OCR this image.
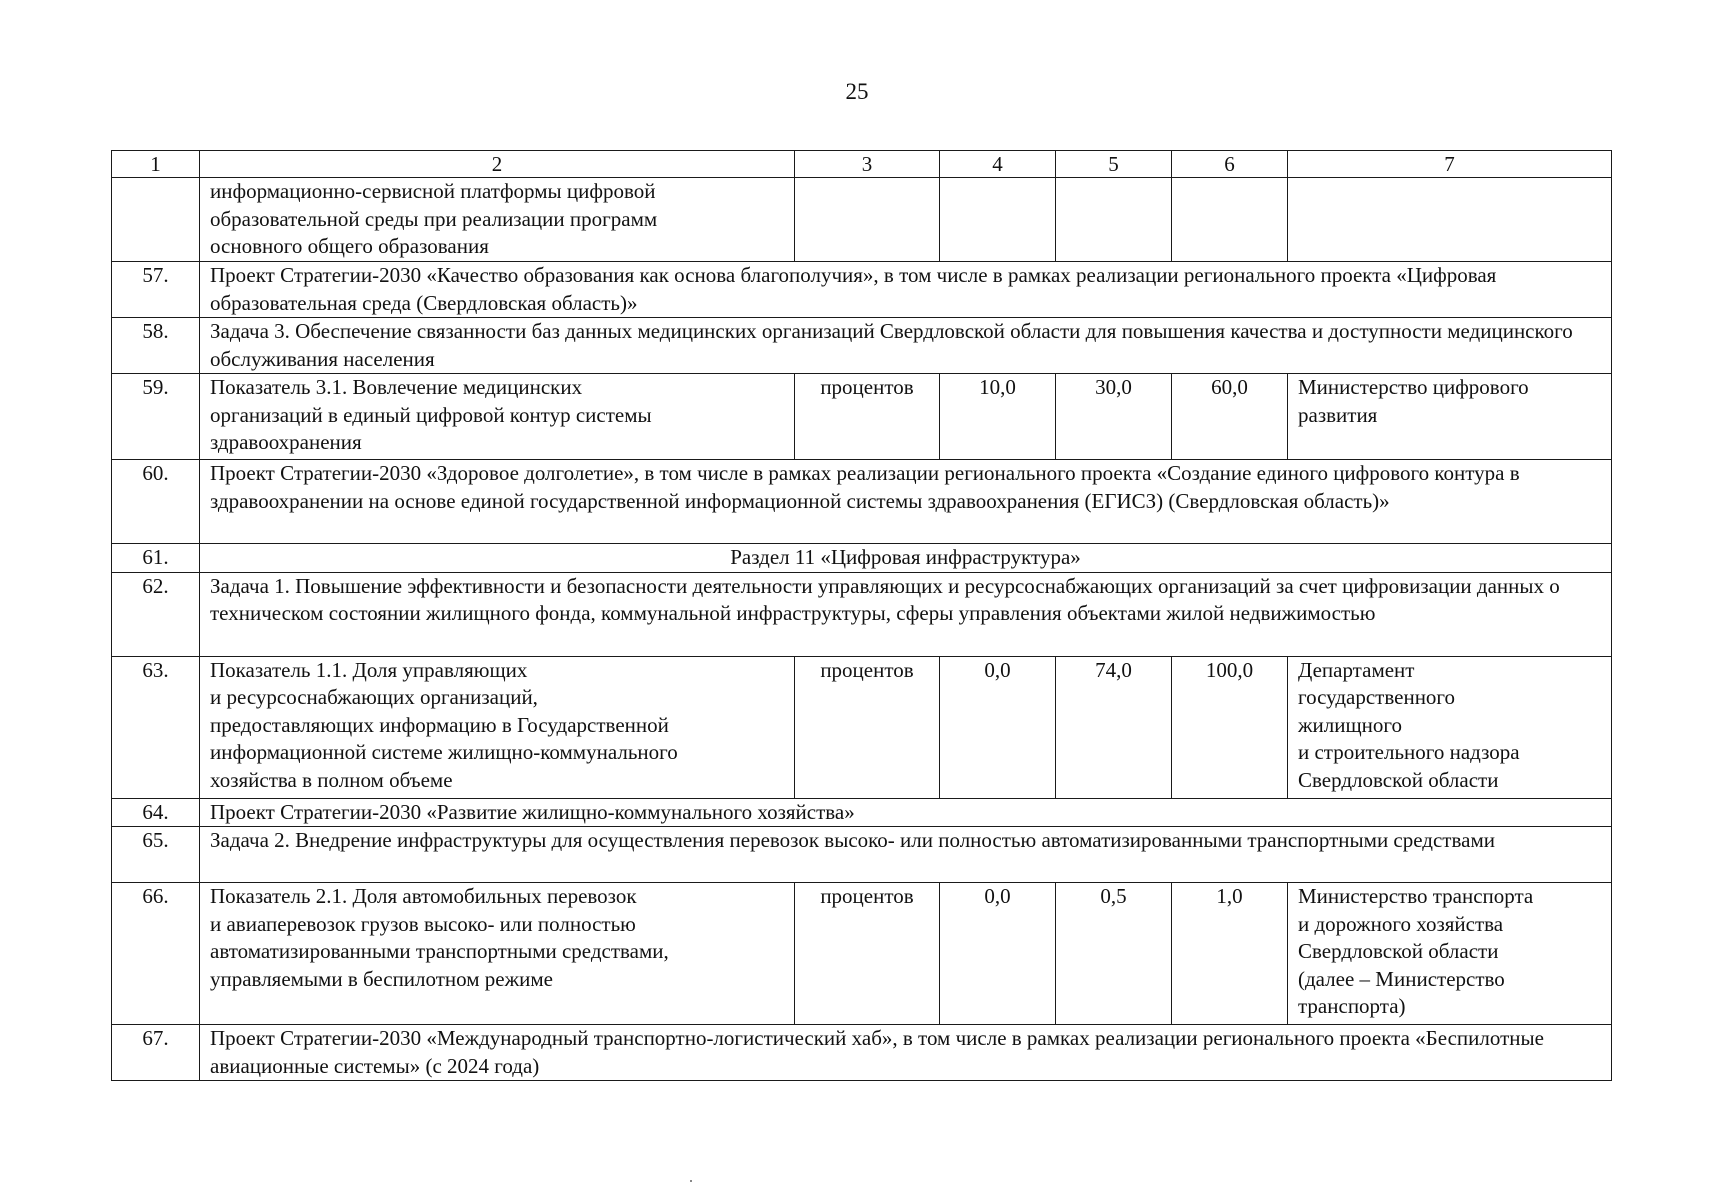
25
1	2	3	4	5	6	7

	информационно-сервисной платформы цифровой
образовательной среды при реализации программ
основного общего образования					

57.	Проект Стратегии-2030 «Качество образования как основа благополучия», в том числе в рамках реализации регионального проекта «Цифровая образовательная среда (Свердловская область)»					
58.	Задача 3. Обеспечение связанности баз данных медицинских организаций Свердловской области для повышения качества и доступности медицинского обслуживания населения					
59.	Показатель 3.1. Вовлечение медицинских
организаций в единый цифровой контур системы
здравоохранения	процентов	10,0	30,0	60,0	Министерство цифрового
развития

60.	Проект Стратегии-2030 «Здоровое долголетие», в том числе в рамках реализации регионального проекта «Создание единого цифрового контура в здравоохранении на основе единой государственной информационной системы здравоохранения (ЕГИСЗ) (Свердловская область)»					
61.	Раздел 11 «Цифровая инфраструктура»					
62.	Задача 1. Повышение эффективности и безопасности деятельности управляющих и ресурсоснабжающих организаций за счет цифровизации данных о техническом состоянии жилищного фонда, коммунальной инфраструктуры, сферы управления объектами жилой недвижимостью					
63.	Показатель 1.1. Доля управляющих
и ресурсоснабжающих организаций,
предоставляющих информацию в Государственной
информационной системе жилищно-коммунального
хозяйства в полном объеме	процентов	0,0	74,0	100,0	Департамент
государственного
жилищного
и строительного надзора
Свердловской области

64.	Проект Стратегии-2030 «Развитие жилищно-коммунального хозяйства»					
65.	Задача 2. Внедрение инфраструктуры для осуществления перевозок высоко- или полностью автоматизированными транспортными средствами					
66.	Показатель 2.1. Доля автомобильных перевозок
и авиаперевозок грузов высоко- или полностью
автоматизированными транспортными средствами,
управляемыми в беспилотном режиме	процентов	0,0	0,5	1,0	Министерство транспорта
и дорожного хозяйства
Свердловской области
(далее – Министерство
транспорта)

67.	Проект Стратегии-2030 «Международный транспортно-логистический хаб», в том числе в рамках реализации регионального проекта «Беспилотные авиационные системы» (с 2024 года)					
